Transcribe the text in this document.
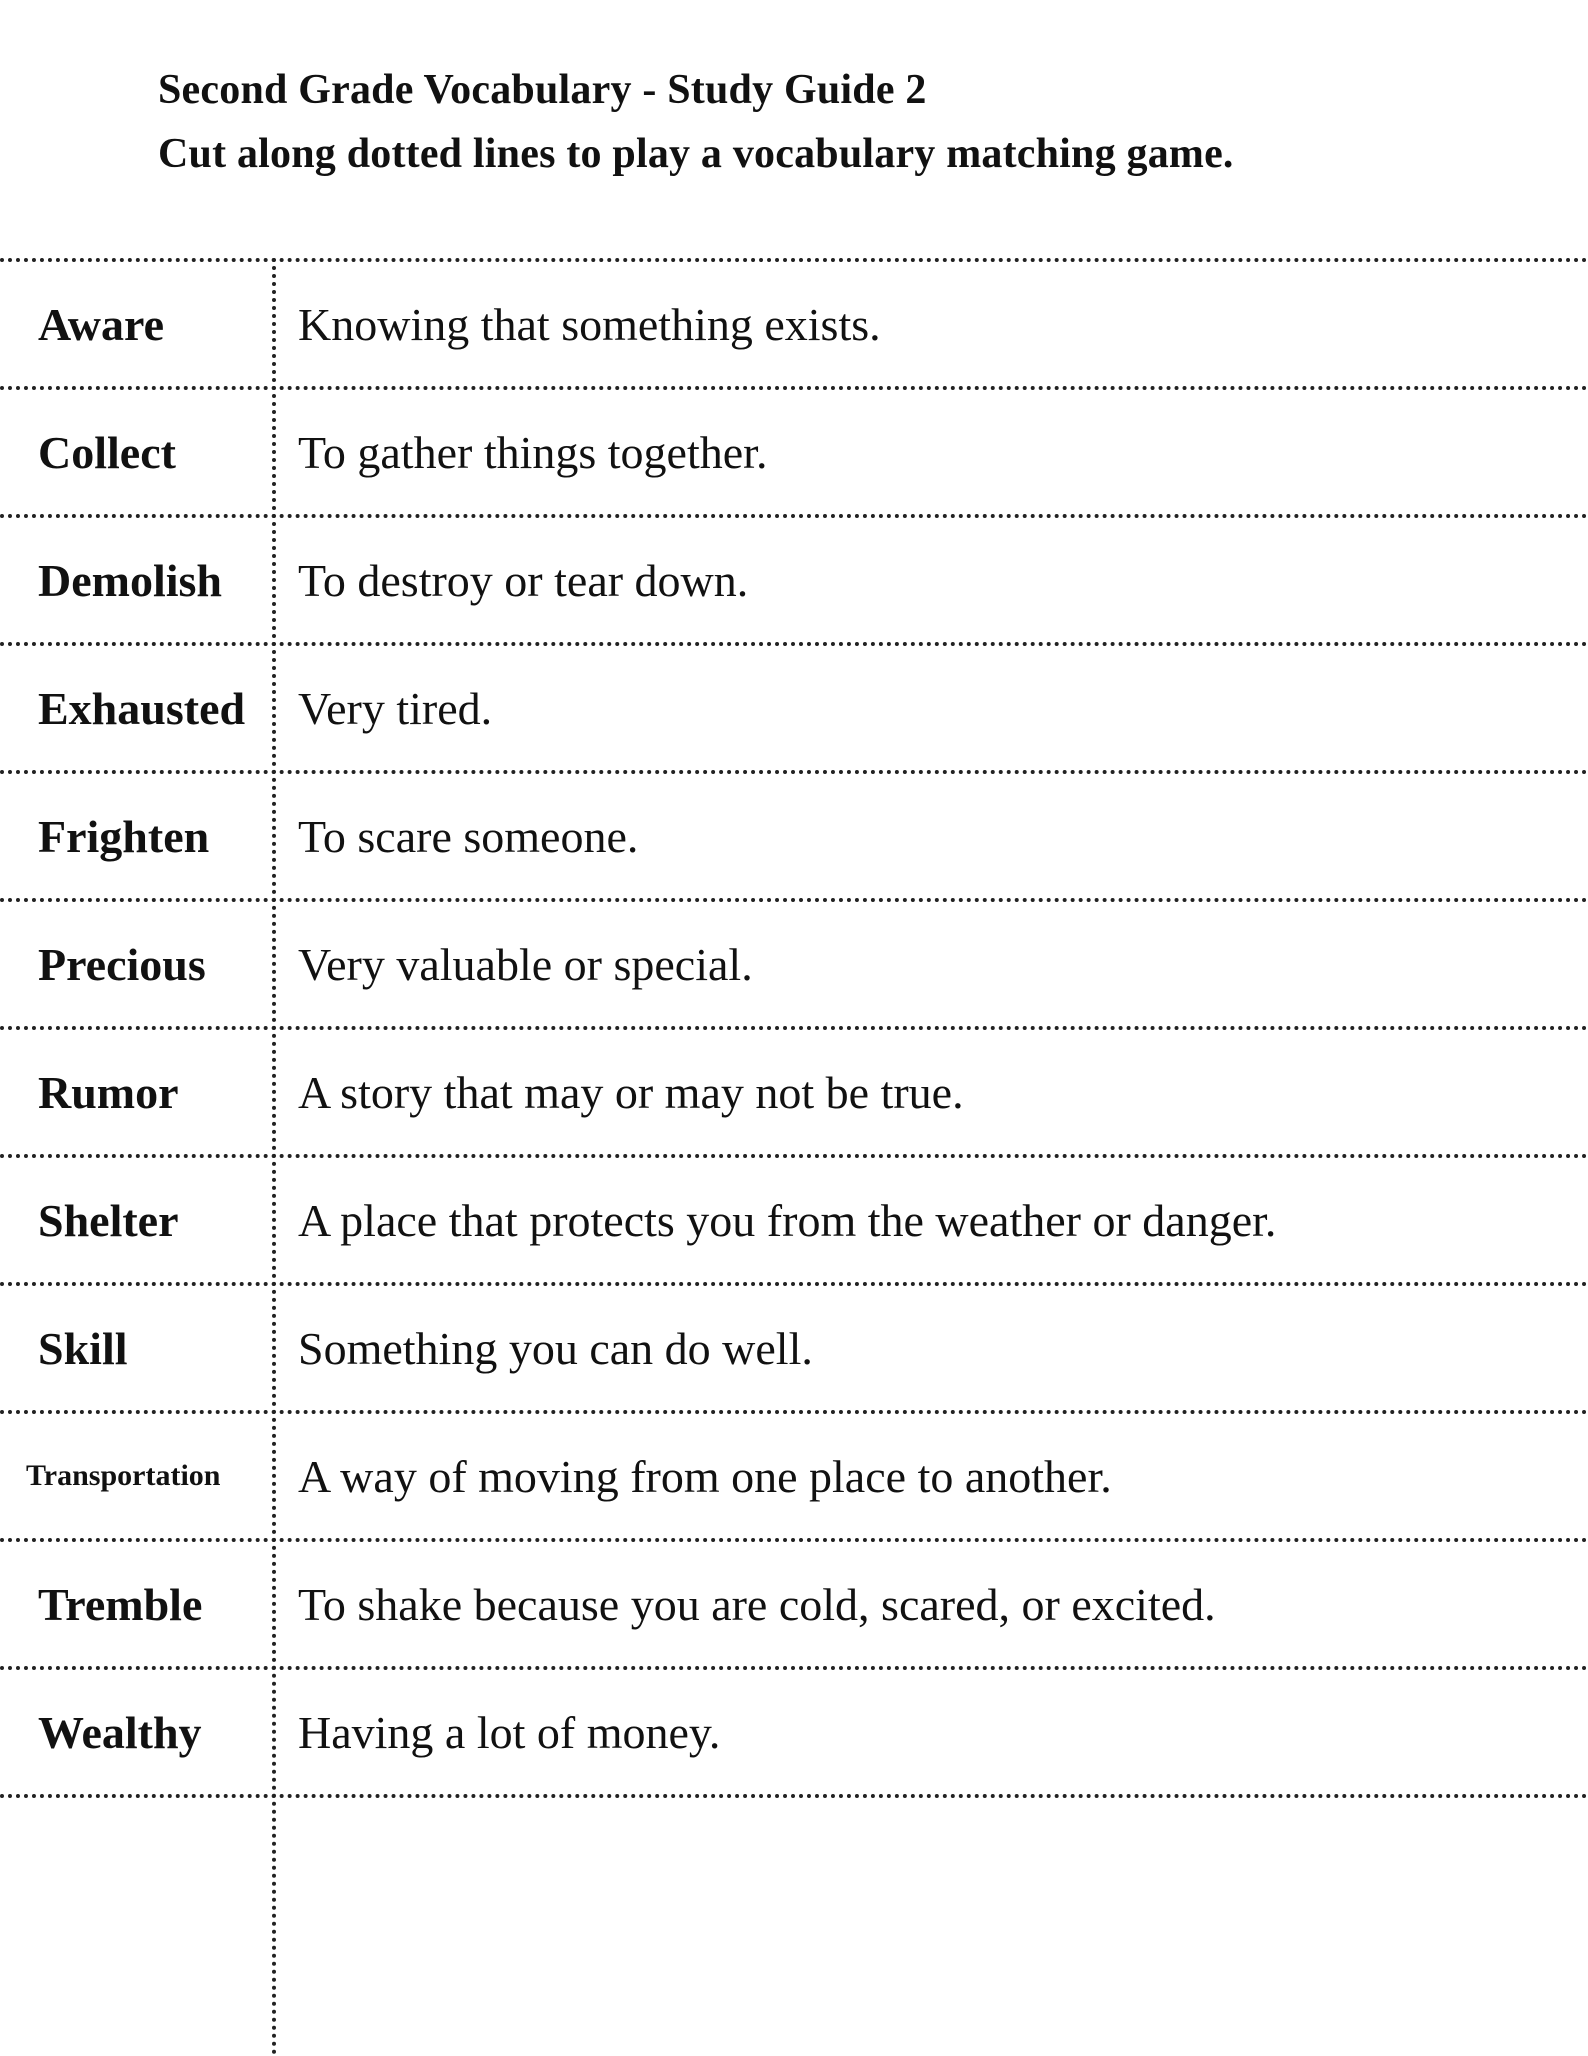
Second Grade Vocabulary - Study Guide 2
Cut along dotted lines to play a vocabulary matching game.
Aware	Knowing that something exists.
Collect	To gather things together.
Demolish	To destroy or tear down.
Exhausted	Very tired.
Frighten	To scare someone.
Precious	Very valuable or special.
Rumor	A story that may or may not be true.
Shelter	A place that protects you from the weather or danger.
Skill	Something you can do well.
Transportation	A way of moving from one place to another.
Tremble	To shake because you are cold, scared, or excited.
Wealthy	Having a lot of money.
